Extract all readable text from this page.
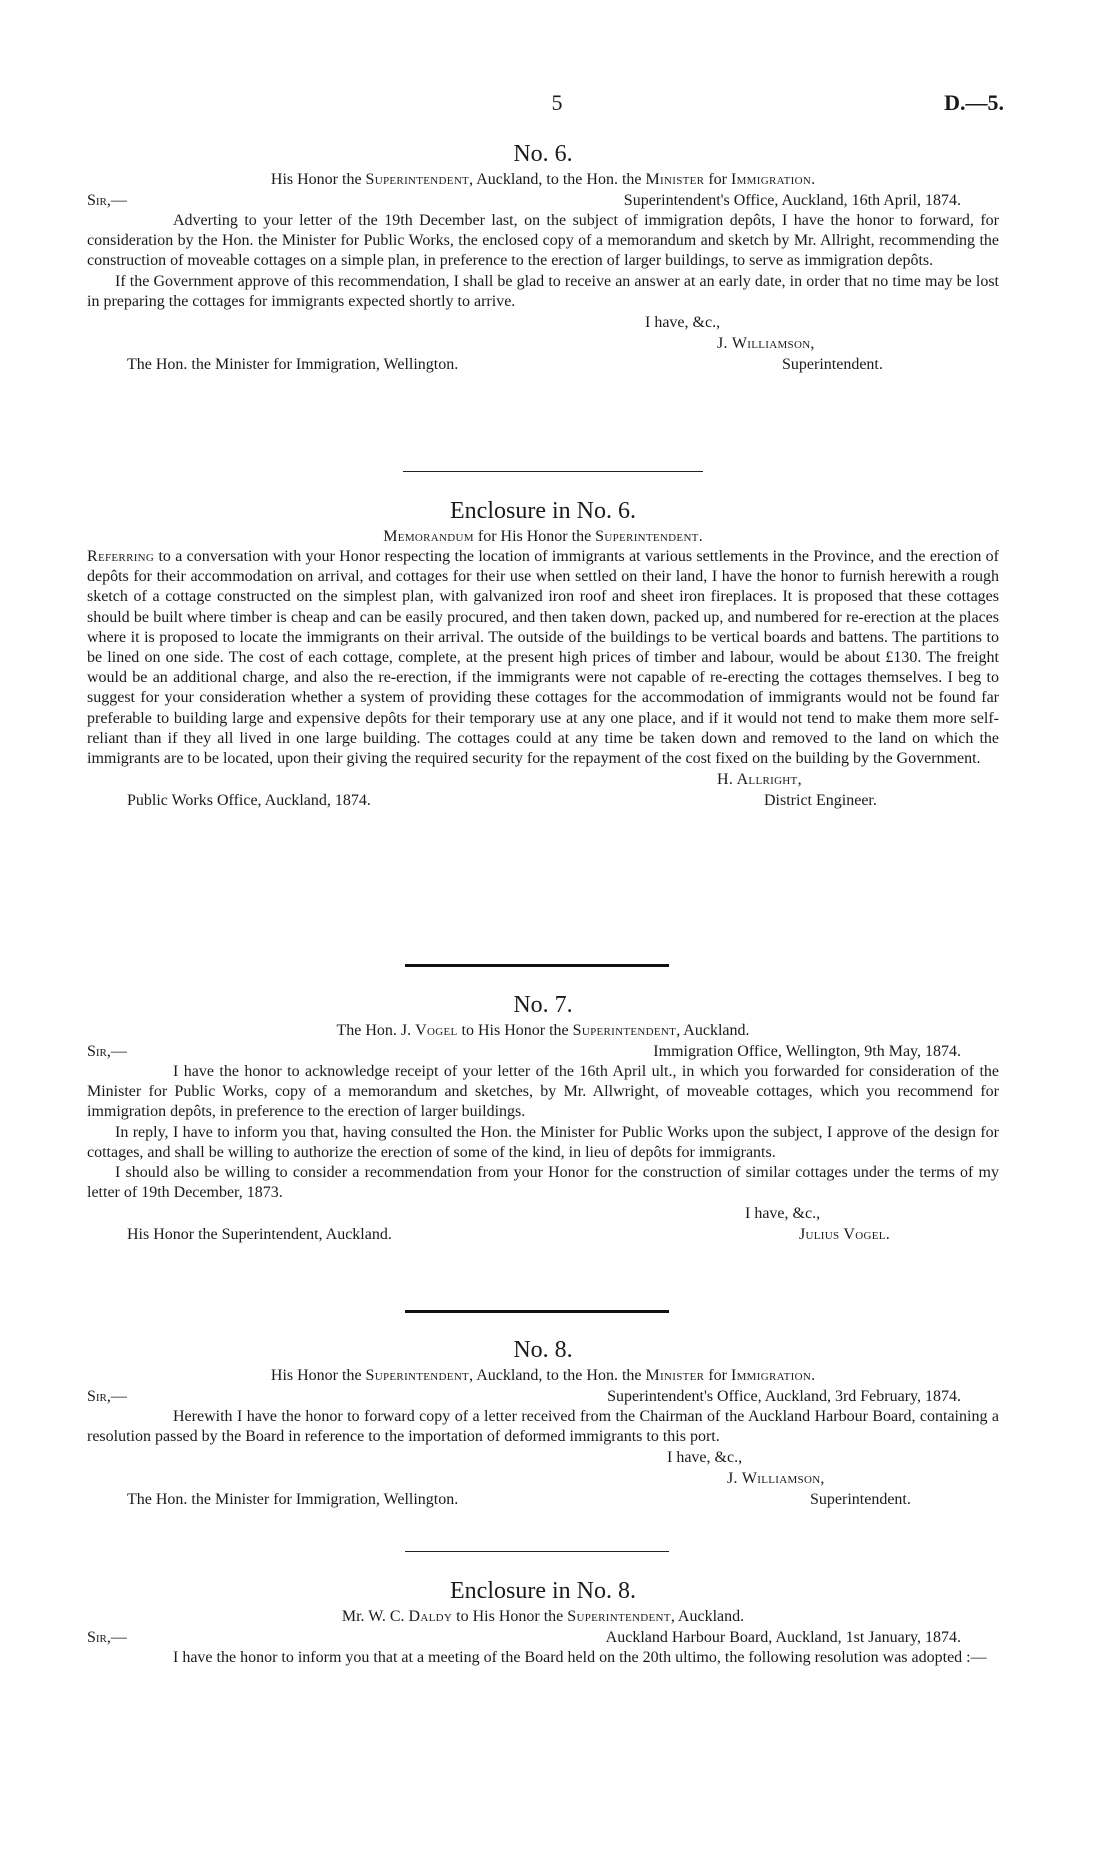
5	D.—5.
No. 6.
His Honor the Superintendent, Auckland, to the Hon. the Minister for Immigration.
Sir,—	Superintendent's Office, Auckland, 16th April, 1874.

Adverting to your letter of the 19th December last, on the subject of immigration depôts, I have the honor to forward, for consideration by the Hon. the Minister for Public Works, the enclosed copy of a memorandum and sketch by Mr. Allright, recommending the construction of moveable cottages on a simple plan, in preference to the erection of larger buildings, to serve as immigration depôts.

If the Government approve of this recommendation, I shall be glad to receive an answer at an early date, in order that no time may be lost in preparing the cottages for immigrants expected shortly to arrive.

I have, &c.,
J. Williamson,
The Hon. the Minister for Immigration, Wellington.	Superintendent.
Enclosure in No. 6.
Memorandum for His Honor the Superintendent.

Referring to a conversation with your Honor respecting the location of immigrants at various settlements in the Province, and the erection of depôts for their accommodation on arrival, and cottages for their use when settled on their land, I have the honor to furnish herewith a rough sketch of a cottage constructed on the simplest plan, with galvanized iron roof and sheet iron fireplaces. It is proposed that these cottages should be built where timber is cheap and can be easily procured, and then taken down, packed up, and numbered for re-erection at the places where it is proposed to locate the immigrants on their arrival. The outside of the buildings to be vertical boards and battens. The partitions to be lined on one side. The cost of each cottage, complete, at the present high prices of timber and labour, would be about £130. The freight would be an additional charge, and also the re-erection, if the immigrants were not capable of re-erecting the cottages themselves. I beg to suggest for your consideration whether a system of providing these cottages for the accommodation of immigrants would not be found far preferable to building large and expensive depôts for their temporary use at any one place, and if it would not tend to make them more self-reliant than if they all lived in one large building. The cottages could at any time be taken down and removed to the land on which the immigrants are to be located, upon their giving the required security for the repayment of the cost fixed on the building by the Government.

H. Allright,
Public Works Office, Auckland, 1874.	District Engineer.
No. 7.
The Hon. J. Vogel to His Honor the Superintendent, Auckland.
Sir,—	Immigration Office, Wellington, 9th May, 1874.

I have the honor to acknowledge receipt of your letter of the 16th April ult., in which you forwarded for consideration of the Minister for Public Works, copy of a memorandum and sketches, by Mr. Allwright, of moveable cottages, which you recommend for immigration depôts, in preference to the erection of larger buildings.

In reply, I have to inform you that, having consulted the Hon. the Minister for Public Works upon the subject, I approve of the design for cottages, and shall be willing to authorize the erection of some of the kind, in lieu of depôts for immigrants.

I should also be willing to consider a recommendation from your Honor for the construction of similar cottages under the terms of my letter of 19th December, 1873.

I have, &c.,
His Honor the Superintendent, Auckland.	Julius Vogel.
No. 8.
His Honor the Superintendent, Auckland, to the Hon. the Minister for Immigration.
Sir,—	Superintendent's Office, Auckland, 3rd February, 1874.

Herewith I have the honor to forward copy of a letter received from the Chairman of the Auckland Harbour Board, containing a resolution passed by the Board in reference to the importation of deformed immigrants to this port.

I have, &c.,
J. Williamson,
The Hon. the Minister for Immigration, Wellington.	Superintendent.
Enclosure in No. 8.
Mr. W. C. Daldy to His Honor the Superintendent, Auckland.
Sir,—	Auckland Harbour Board, Auckland, 1st January, 1874.

I have the honor to inform you that at a meeting of the Board held on the 20th ultimo, the following resolution was adopted :—
